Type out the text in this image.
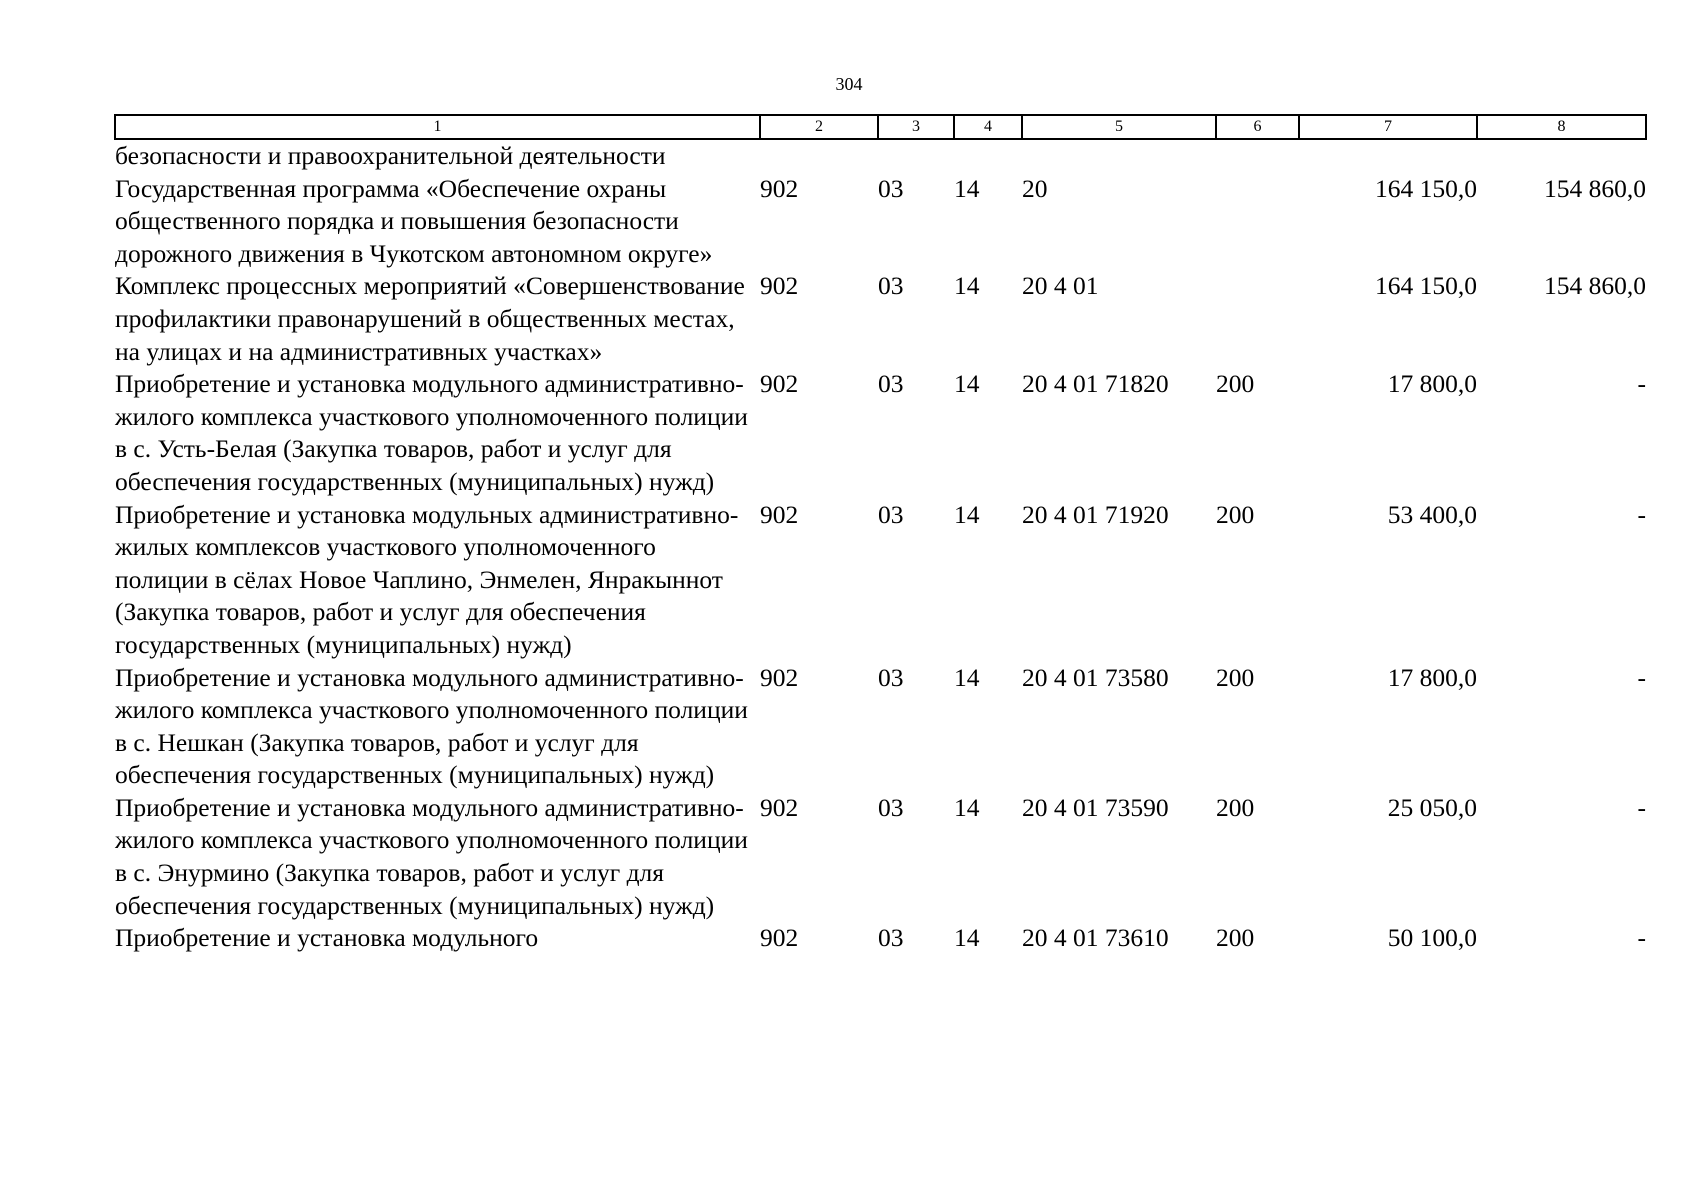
304
1	2	3	4	5	6	7	8
безопасности и правоохранительной деятельности							
Государственная программа «Обеспечение охраны общественного порядка и повышения безопасности дорожного движения в Чукотском автономном округе»	902	03	14	20		164 150,0	154 860,0
Комплекс процессных мероприятий «Совершенствование профилактики правонарушений в общественных местах, на улицах и на административных участках»	902	03	14	20 4 01		164 150,0	154 860,0
Приобретение и установка модульного административно-жилого комплекса участкового уполномоченного полиции в с. Усть-Белая (Закупка товаров, работ и услуг для обеспечения государственных (муниципальных) нужд)	902	03	14	20 4 01 71820	200	17 800,0	-
Приобретение и установка модульных административно-жилых комплексов участкового уполномоченного полиции в сёлах Новое Чаплино, Энмелен, Янракыннот (Закупка товаров, работ и услуг для обеспечения государственных (муниципальных) нужд)	902	03	14	20 4 01 71920	200	53 400,0	-
Приобретение и установка модульного административно-жилого комплекса участкового уполномоченного полиции в с. Нешкан (Закупка товаров, работ и услуг для обеспечения государственных (муниципальных) нужд)	902	03	14	20 4 01 73580	200	17 800,0	-
Приобретение и установка модульного административно-жилого комплекса участкового уполномоченного полиции в с. Энурмино (Закупка товаров, работ и услуг для обеспечения государственных (муниципальных) нужд)	902	03	14	20 4 01 73590	200	25 050,0	-
Приобретение и установка модульного	902	03	14	20 4 01 73610	200	50 100,0	-
